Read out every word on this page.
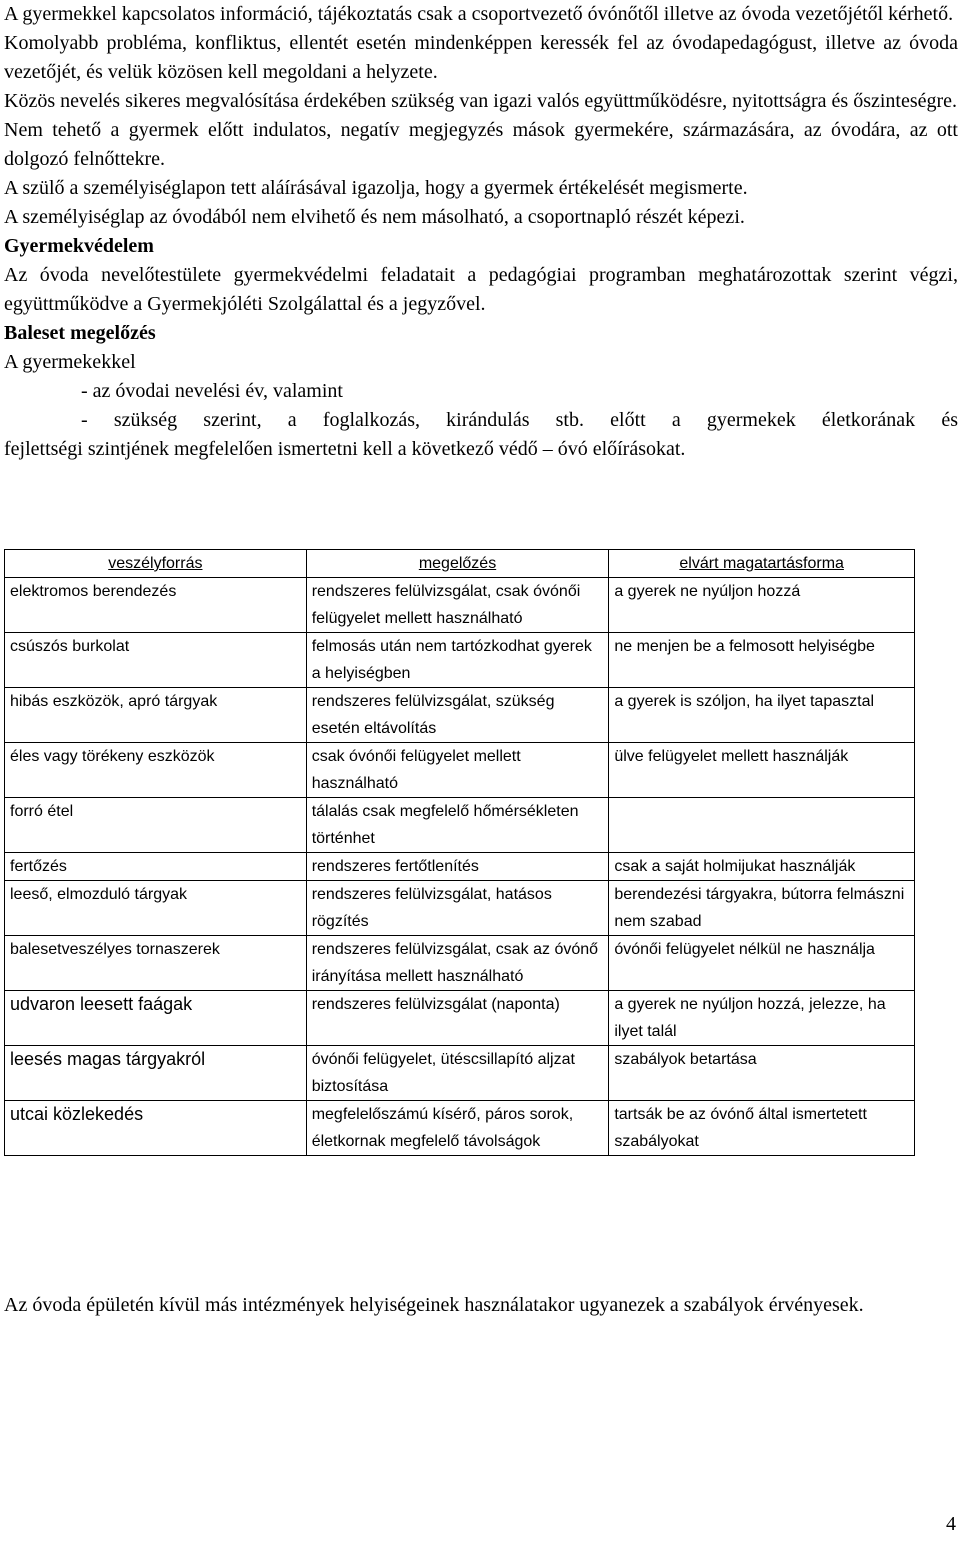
A gyermekkel kapcsolatos információ, tájékoztatás csak a csoportvezető óvónőtől illetve az óvoda vezetőjétől kérhető.

Komolyabb probléma, konfliktus, ellentét esetén mindenképpen keressék fel az óvodapedagógust, illetve az óvoda vezetőjét, és velük közösen kell megoldani a helyzete.

Közös nevelés sikeres megvalósítása érdekében szükség van igazi valós együttműködésre, nyitottságra és őszinteségre.

Nem tehető a gyermek előtt indulatos, negatív megjegyzés mások gyermekére, származására, az óvodára, az ott dolgozó felnőttekre.

A szülő a személyiséglapon tett aláírásával igazolja, hogy a gyermek értékelését megismerte.

A személyiséglap az óvodából nem elvihető és nem másolható, a csoportnapló részét képezi.

Gyermekvédelem

Az óvoda nevelőtestülete gyermekvédelmi feladatait a pedagógiai programban meghatározottak szerint végzi, együttműködve a Gyermekjóléti Szolgálattal és a jegyzővel.

Baleset megelőzés

A gyermekekkel

- az óvodai nevelési év, valamint

- szükség szerint, a foglalkozás, kirándulás stb. előtt a gyermekek életkorának és

fejlettségi szintjének megfelelően ismertetni kell a következő védő – óvó előírásokat.

veszélyforrás	megelőzés	elvárt magatartásforma
elektromos berendezés	rendszeres felülvizsgálat, csak óvónői felügyelet mellett használható	a gyerek ne nyúljon hozzá
csúszós burkolat	felmosás után nem tartózkodhat gyerek a helyiségben	ne menjen be a felmosott helyiségbe
hibás eszközök, apró tárgyak	rendszeres felülvizsgálat, szükség esetén eltávolítás	a gyerek is szóljon, ha ilyet tapasztal
éles vagy törékeny eszközök	csak óvónői felügyelet mellett használható	ülve felügyelet mellett használják
forró étel	tálalás csak megfelelő hőmérsékleten történhet	
fertőzés	rendszeres fertőtlenítés	csak a saját holmijukat használják
leeső, elmozduló tárgyak	rendszeres felülvizsgálat, hatásos rögzítés	berendezési tárgyakra, bútorra felmászni nem szabad
balesetveszélyes tornaszerek	rendszeres felülvizsgálat, csak az óvónő irányítása mellett használható	óvónői felügyelet nélkül ne használja
udvaron leesett faágak	rendszeres felülvizsgálat (naponta)	a gyerek ne nyúljon hozzá, jelezze, ha ilyet talál
leesés magas tárgyakról	óvónői felügyelet, ütéscsillapító aljzat biztosítása	szabályok betartása
utcai közlekedés	megfelelőszámú kísérő, páros sorok, életkornak megfelelő távolságok	tartsák be az óvónő által ismertetett szabályokat

Az óvoda épületén kívül más intézmények helyiségeinek használatakor ugyanezek a szabályok érvényesek.

4
